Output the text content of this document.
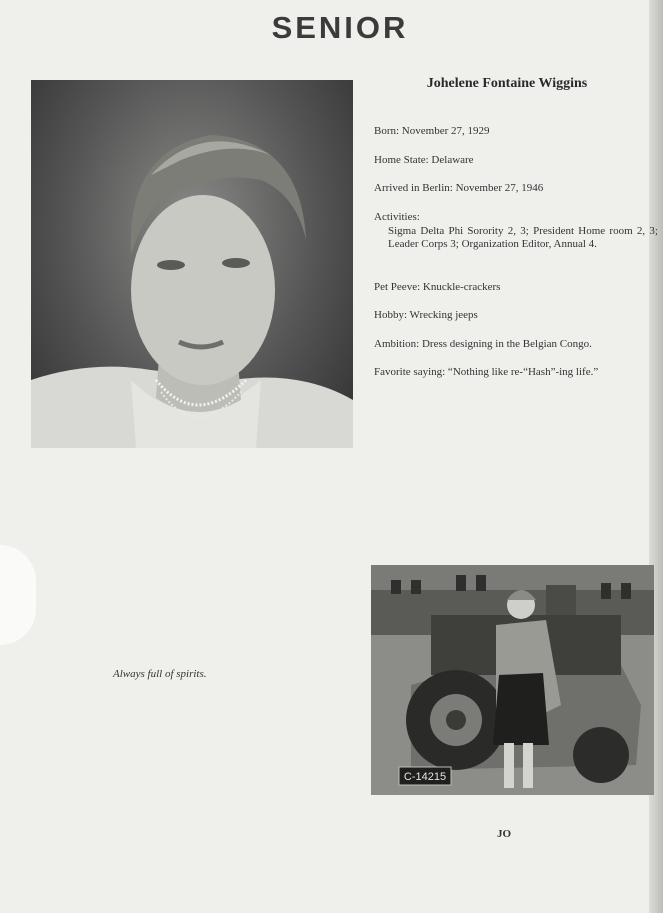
SENIOR
Johelene Fontaine Wiggins
Born: November 27, 1929
Home State: Delaware
Arrived in Berlin: November 27, 1946
Activities:
Sigma Delta Phi Sorority 2, 3; President Home room 2, 3; Leader Corps 3; Organization Editor, Annual 4.
Pet Peeve: Knuckle-crackers
Hobby: Wrecking jeeps
Ambition: Dress designing in the Belgian Congo.
Favorite saying: “Nothing like re-“Hash”-ing life.”
Always full of spirits.
C-14215
JO
